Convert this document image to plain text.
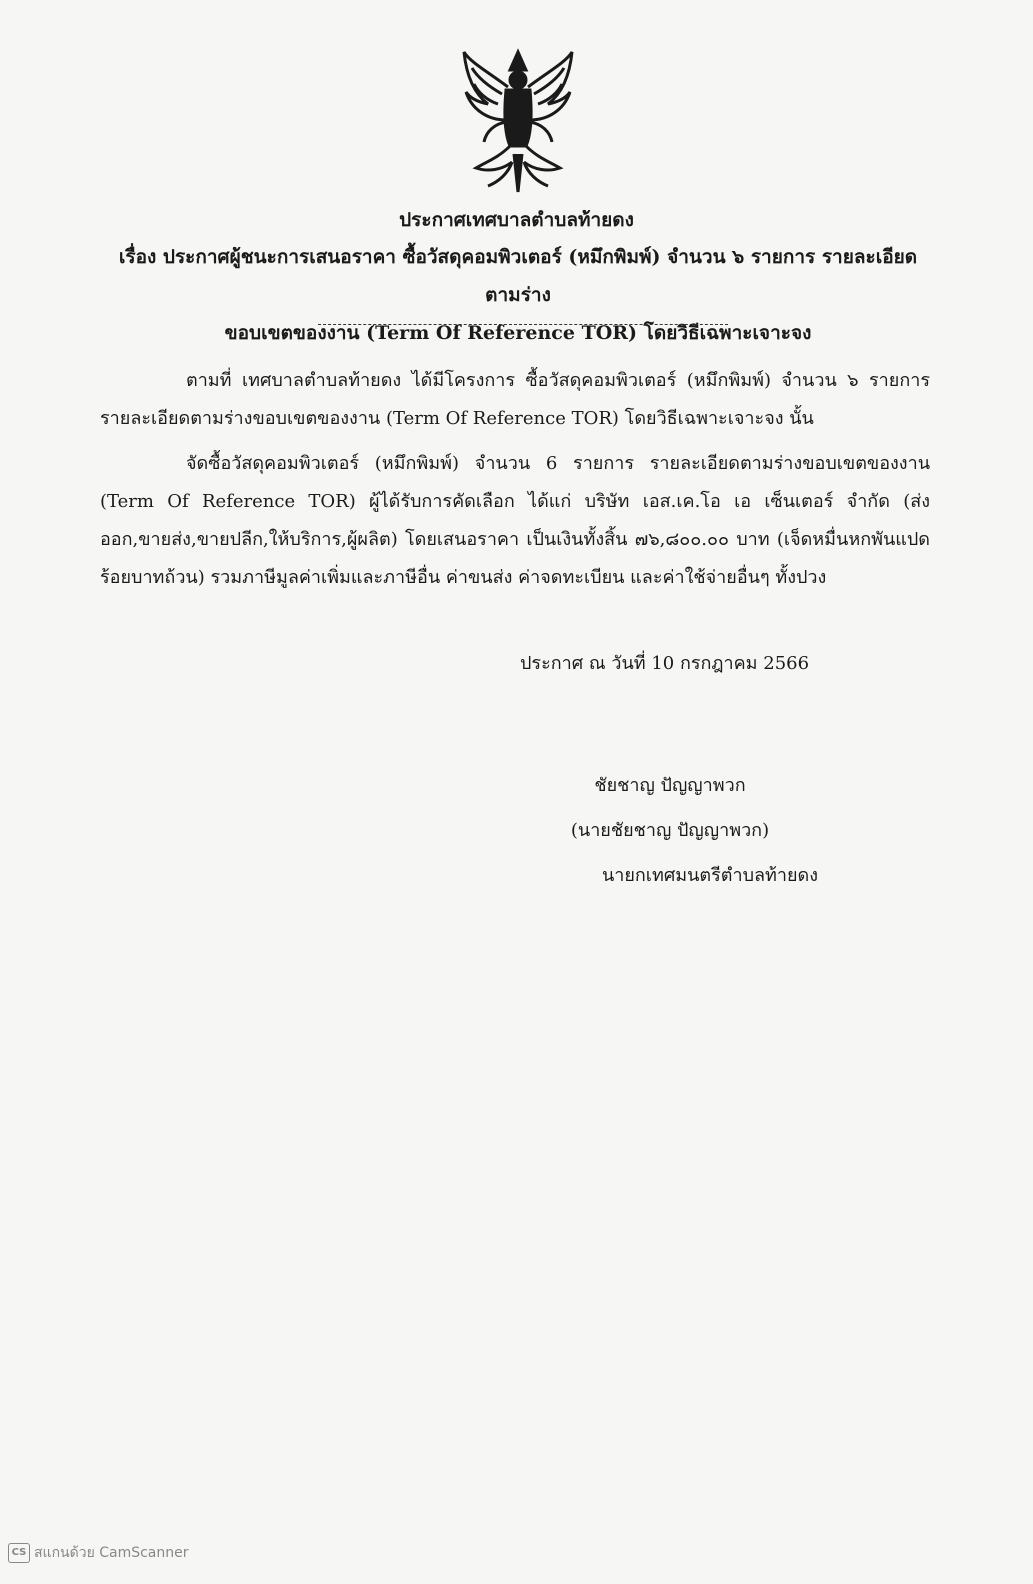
ประกาศเทศบาลตำบลท้ายดง
เรื่อง ประกาศผู้ชนะการเสนอราคา ซื้อวัสดุคอมพิวเตอร์ (หมึกพิมพ์) จำนวน ๖ รายการ รายละเอียดตามร่าง
ขอบเขตของงาน (Term Of Reference TOR) โดยวิธีเฉพาะเจาะจง
ตามที่ เทศบาลตำบลท้ายดง ได้มีโครงการ ซื้อวัสดุคอมพิวเตอร์ (หมึกพิมพ์) จำนวน ๖ รายการ รายละเอียดตามร่างขอบเขตของงาน (Term Of Reference TOR) โดยวิธีเฉพาะเจาะจง นั้น
จัดซื้อวัสดุคอมพิวเตอร์ (หมึกพิมพ์) จำนวน 6 รายการ รายละเอียดตามร่างขอบเขตของงาน (Term Of Reference TOR) ผู้ได้รับการคัดเลือก ได้แก่ บริษัท เอส.เค.โอ เอ เซ็นเตอร์ จำกัด (ส่งออก,ขายส่ง,ขายปลีก,ให้บริการ,ผู้ผลิต) โดยเสนอราคา เป็นเงินทั้งสิ้น ๗๖,๘๐๐.๐๐ บาท (เจ็ดหมื่นหกพันแปดร้อยบาทถ้วน) รวมภาษีมูลค่าเพิ่มและภาษีอื่น ค่าขนส่ง ค่าจดทะเบียน และค่าใช้จ่ายอื่นๆ ทั้งปวง
ประกาศ ณ วันที่ 10 กรกฎาคม 2566
ชัยชาญ ปัญญาพวก
(นายชัยชาญ ปัญญาพวก)
นายกเทศมนตรีตำบลท้ายดง
CS สแกนด้วย CamScanner
